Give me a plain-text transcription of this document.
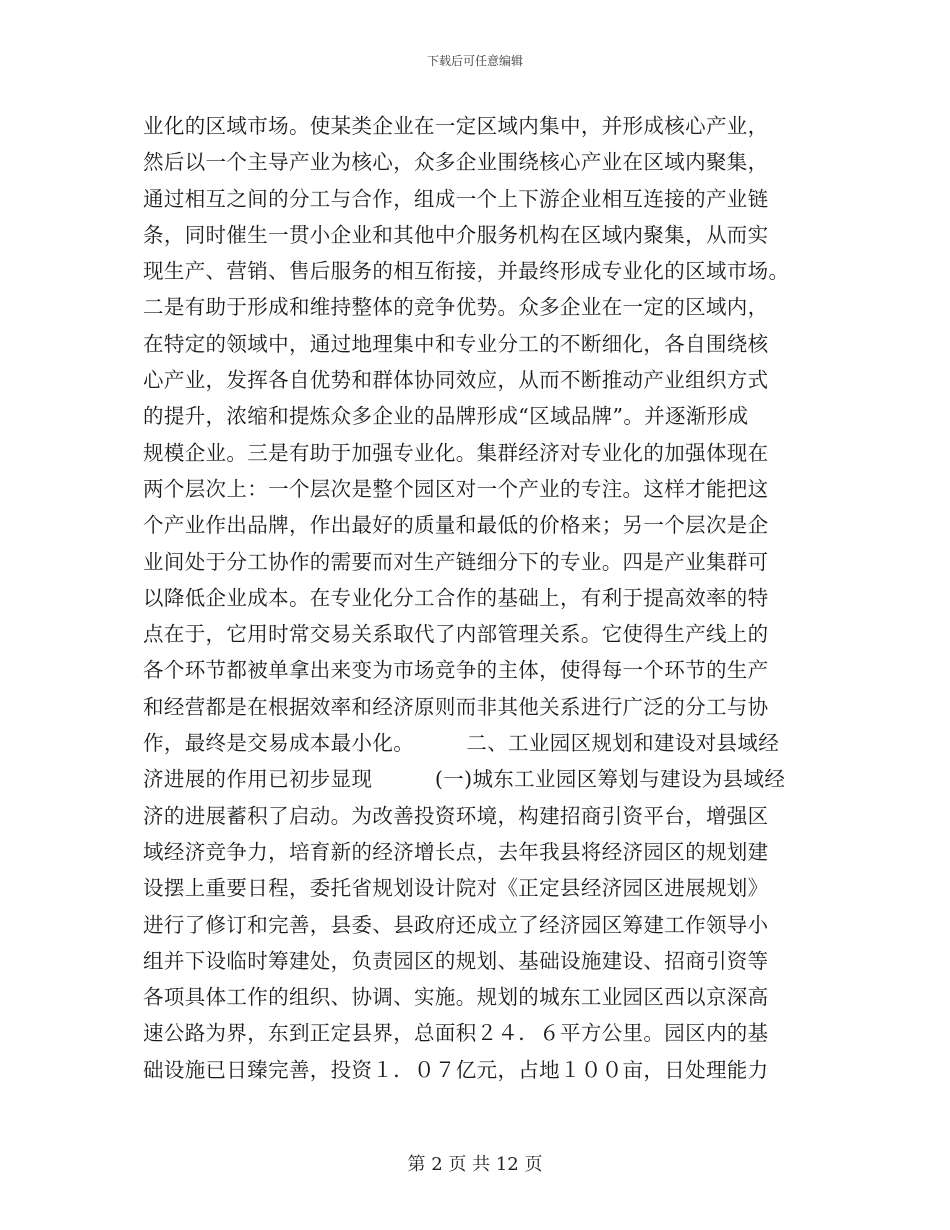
下载后可任意编辑
业化的区域市场。使某类企业在一定区域内集中，并形成核心产业，
然后以一个主导产业为核心，众多企业围绕核心产业在区域内聚集，
通过相互之间的分工与合作，组成一个上下游企业相互连接的产业链
条，同时催生一贯小企业和其他中介服务机构在区域内聚集，从而实
现生产、营销、售后服务的相互衔接，并最终形成专业化的区域市场。
二是有助于形成和维持整体的竞争优势。众多企业在一定的区域内，
在特定的领域中，通过地理集中和专业分工的不断细化，各自围绕核
心产业，发挥各自优势和群体协同效应，从而不断推动产业组织方式
的提升，浓缩和提炼众多企业的品牌形成“区域品牌”。并逐渐形成
规模企业。三是有助于加强专业化。集群经济对专业化的加强体现在
两个层次上：一个层次是整个园区对一个产业的专注。这样才能把这
个产业作出品牌，作出最好的质量和最低的价格来；另一个层次是企
业间处于分工协作的需要而对生产链细分下的专业。四是产业集群可
以降低企业成本。在专业化分工合作的基础上，有利于提高效率的特
点在于，它用时常交易关系取代了内部管理关系。它使得生产线上的
各个环节都被单拿出来变为市场竞争的主体，使得每一个环节的生产
和经营都是在根据效率和经济原则而非其他关系进行广泛的分工与协
作，最终是交易成本最小化。　　　二、工业园区规划和建设对县域经
济进展的作用已初步显现　　　(一)城东工业园区筹划与建设为县域经
济的进展蓄积了启动。为改善投资环境，构建招商引资平台，增强区
域经济竞争力，培育新的经济增长点，去年我县将经济园区的规划建
设摆上重要日程，委托省规划设计院对《正定县经济园区进展规划》
进行了修订和完善，县委、县政府还成立了经济园区筹建工作领导小
组并下设临时筹建处，负责园区的规划、基础设施建设、招商引资等
各项具体工作的组织、协调、实施。规划的城东工业园区西以京深高
速公路为界，东到正定县界，总面积２４．６平方公里。园区内的基
础设施已日臻完善，投资１．０７亿元，占地１００亩，日处理能力
第 2 页 共 12 页
